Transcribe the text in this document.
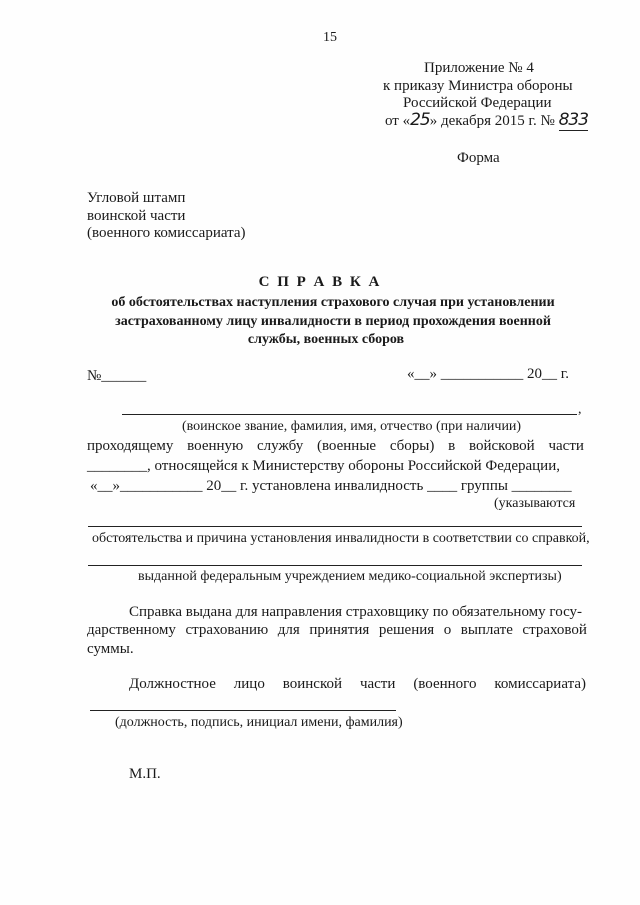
15
Приложение № 4
к приказу Министра обороны
Российской Федерации
от «25» декабря 2015 г. № 833
Форма
Угловой штамп
воинской части
(военного комиссариата)
С П Р А В К А
об обстоятельствах наступления страхового случая при установлении
застрахованному лицу инвалидности в период прохождения военной
службы, военных сборов
№______	«__» ___________ 20__ г.
,
(воинское звание, фамилия, имя, отчество (при наличии)
проходящему военную службу (военные сборы) в войсковой части
________, относящейся к Министерству обороны Российской Федерации,
«__»___________ 20__ г. установлена инвалидность ____ группы ________
(указываются
обстоятельства и причина установления инвалидности в соответствии со справкой,
выданной федеральным учреждением медико-социальной экспертизы)
Справка выдана для направления страховщику по обязательному госу-
дарственному страхованию для принятия решения о выплате страховой
суммы.
Должностное лицо воинской части (военного комиссариата)
(должность, подпись, инициал имени, фамилия)
М.П.
